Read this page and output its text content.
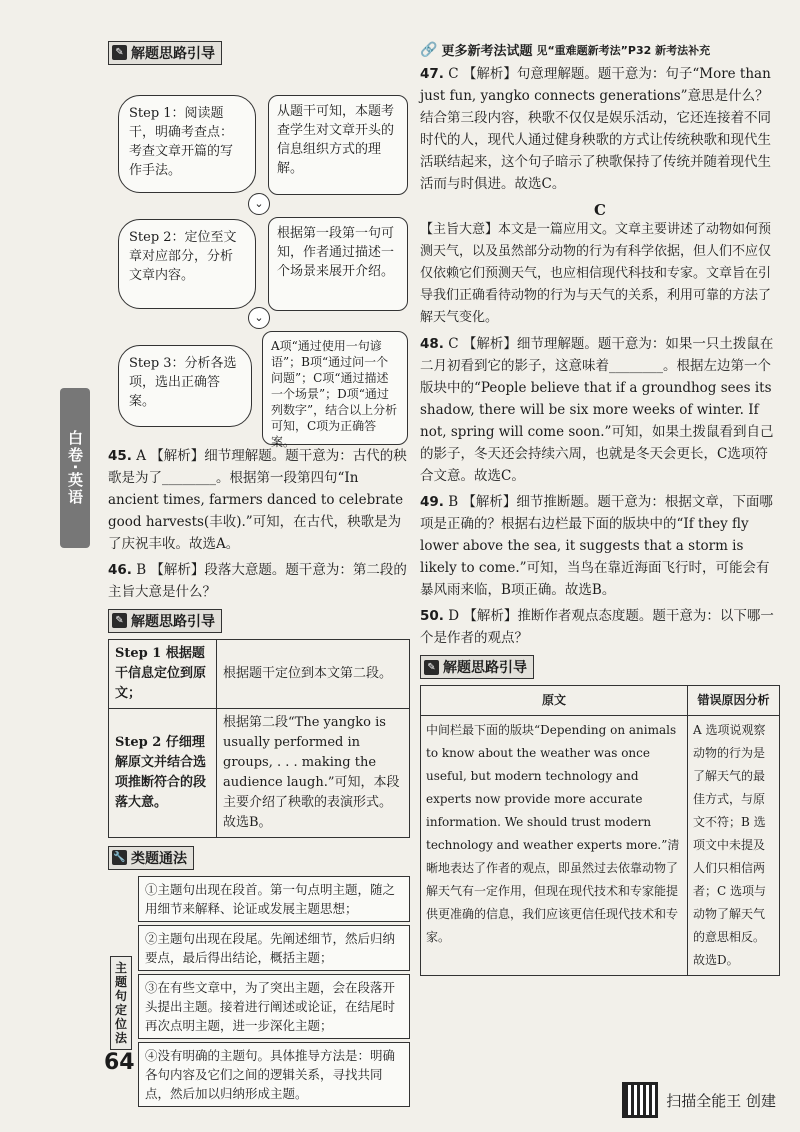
白卷·英语
✎ 解题思路引导
Step 1：阅读题干，明确考查点：考查文章开篇的写作手法。
从题干可知，本题考查学生对文章开头的信息组织方式的理解。
⌄
Step 2：定位至文章对应部分，分析文章内容。
根据第一段第一句可知，作者通过描述一个场景来展开介绍。
⌄
Step 3：分析各选项，选出正确答案。
A项“通过使用一句谚语”；B项“通过问一个问题”；C项“通过描述一个场景”；D项“通过列数字”，结合以上分析可知，C项为正确答案。
45. A 【解析】细节理解题。题干意为：古代的秧歌是为了________。根据第一段第四句“In ancient times, farmers danced to celebrate good harvests(丰收).”可知，在古代，秧歌是为了庆祝丰收。故选A。
46. B 【解析】段落大意题。题干意为：第二段的主旨大意是什么？
✎ 解题思路引导
Step 1 根据题干信息定位到原文；	根据题干定位到本文第二段。
Step 2 仔细理解原文并结合选项推断符合的段落大意。	根据第二段“The yangko is usually performed in groups, . . . making the audience laugh.”可知，本段主要介绍了秧歌的表演形式。故选B。
🔧 类题通法
主题句定位法
①主题句出现在段首。第一句点明主题，随之用细节来解释、论证或发展主题思想；
②主题句出现在段尾。先阐述细节，然后归纳要点，最后得出结论，概括主题；
③在有些文章中，为了突出主题，会在段落开头提出主题。接着进行阐述或论证，在结尾时再次点明主题，进一步深化主题；
④没有明确的主题句。具体推导方法是：明确各句内容及它们之间的逻辑关系，寻找共同点，然后加以归纳形成主题。
64
🔗 更多新考法试题 见“重难题新考法”P32 新考法补充
47. C 【解析】句意理解题。题干意为：句子“More than just fun, yangko connects generations”意思是什么？结合第三段内容，秧歌不仅仅是娱乐活动，它还连接着不同时代的人，现代人通过健身秧歌的方式让传统秧歌和现代生活联结起来，这个句子暗示了秧歌保持了传统并随着现代生活而与时俱进。故选C。
C
【主旨大意】本文是一篇应用文。文章主要讲述了动物如何预测天气，以及虽然部分动物的行为有科学依据，但人们不应仅仅依赖它们预测天气，也应相信现代科技和专家。文章旨在引导我们正确看待动物的行为与天气的关系，利用可靠的方法了解天气变化。
48. C 【解析】细节理解题。题干意为：如果一只土拨鼠在二月初看到它的影子，这意味着________。根据左边第一个版块中的“People believe that if a groundhog sees its shadow, there will be six more weeks of winter. If not, spring will come soon.”可知，如果土拨鼠看到自己的影子，冬天还会持续六周，也就是冬天会更长，C选项符合文意。故选C。
49. B 【解析】细节推断题。题干意为：根据文章，下面哪项是正确的？根据右边栏最下面的版块中的“If they fly lower above the sea, it suggests that a storm is likely to come.”可知，当鸟在靠近海面飞行时，可能会有暴风雨来临，B项正确。故选B。
50. D 【解析】推断作者观点态度题。题干意为：以下哪一个是作者的观点？
✎ 解题思路引导
原文	错误原因分析
中间栏最下面的版块“Depending on animals to know about the weather was once useful, but modern technology and experts now provide more accurate information. We should trust modern technology and weather experts more.”清晰地表达了作者的观点，即虽然过去依靠动物了解天气有一定作用，但现在现代技术和专家能提供更准确的信息，我们应该更信任现代技术和专家。	A 选项说观察动物的行为是了解天气的最佳方式，与原文不符；B 选项文中未提及人们只相信两者；C 选项与动物了解天气的意思相反。故选D。
扫描全能王 创建
